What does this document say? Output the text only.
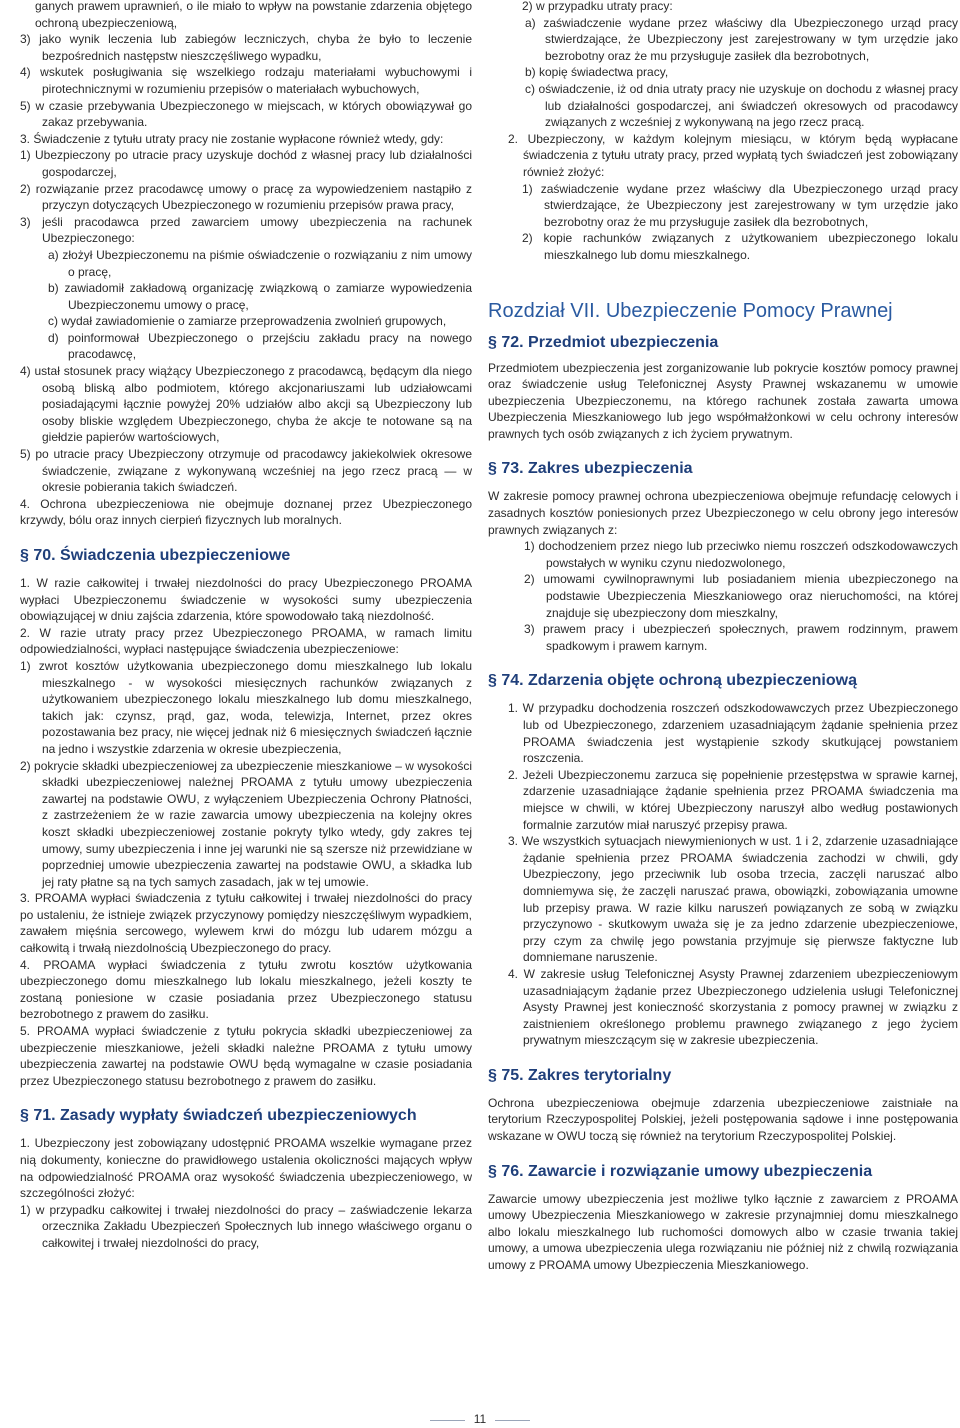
ganych prawem uprawnień, o ile miało to wpływ na powstanie zdarzenia objętego ochroną ubezpieczeniową,

3) jako wynik leczenia lub zabiegów leczniczych, chyba że było to leczenie bezpośrednich następstw nieszczęśliwego wypadku,

4) wskutek posługiwania się wszelkiego rodzaju materiałami wybuchowymi i pirotechnicznymi w rozumieniu przepisów o materiałach wybuchowych,

5) w czasie przebywania Ubezpieczonego w miejscach, w których obowiązywał go zakaz przebywania.

3. Świadczenie z tytułu utraty pracy nie zostanie wypłacone również wtedy, gdy:

1) Ubezpieczony po utracie pracy uzyskuje dochód z własnej pracy lub działalności gospodarczej,

2) rozwiązanie przez pracodawcę umowy o pracę za wypowiedzeniem nastąpiło z przyczyn dotyczących Ubezpieczonego w rozumieniu przepisów prawa pracy,

3) jeśli pracodawca przed zawarciem umowy ubezpieczenia na rachunek Ubezpieczonego:

a) złożył Ubezpieczonemu na piśmie oświadczenie o rozwiązaniu z nim umowy o pracę,

b) zawiadomił zakładową organizację związkową o zamiarze wypowiedzenia Ubezpieczonemu umowy o pracę,

c) wydał zawiadomienie o zamiarze przeprowadzenia zwolnień grupowych,

d) poinformował Ubezpieczonego o przejściu zakładu pracy na nowego pracodawcę,

4) ustał stosunek pracy wiążący Ubezpieczonego z pracodawcą, będącym dla niego osobą bliską albo podmiotem, którego akcjonariuszami lub udziałowcami posiadającymi łącznie powyżej 20% udziałów albo akcji są Ubezpieczony lub osoby bliskie względem Ubezpieczonego, chyba że akcje te notowane są na giełdzie papierów wartościowych,

5) po utracie pracy Ubezpieczony otrzymuje od pracodawcy jakiekolwiek okresowe świadczenie, związane z wykonywaną wcześniej na jego rzecz pracą — w okresie pobierania takich świadczeń.

4. Ochrona ubezpieczeniowa nie obejmuje doznanej przez Ubezpieczonego krzywdy, bólu oraz innych cierpień fizycznych lub moralnych.

§ 70. Świadczenia ubezpieczeniowe

1. W razie całkowitej i trwałej niezdolności do pracy Ubezpieczonego PROAMA wypłaci Ubezpieczonemu świadczenie w wysokości sumy ubezpieczenia obowiązującej w dniu zajścia zdarzenia, które spowodowało taką niezdolność.

2. W razie utraty pracy przez Ubezpieczonego PROAMA, w ramach limitu odpowiedzialności, wypłaci następujące świadczenia ubezpieczeniowe:

1) zwrot kosztów użytkowania ubezpieczonego domu mieszkalnego lub lokalu mieszkalnego - w wysokości miesięcznych rachunków związanych z użytkowaniem ubezpieczonego lokalu mieszkalnego lub domu mieszkalnego, takich jak: czynsz, prąd, gaz, woda, telewizja, Internet, przez okres pozostawania bez pracy, nie więcej jednak niż 6 miesięcznych świadczeń łącznie na jedno i wszystkie zdarzenia w okresie ubezpieczenia,

2) pokrycie składki ubezpieczeniowej za ubezpieczenie mieszkaniowe – w wysokości składki ubezpieczeniowej należnej PROAMA z tytułu umowy ubezpieczenia zawartej na podstawie OWU, z wyłączeniem Ubezpieczenia Ochrony Płatności, z zastrzeżeniem że w razie zawarcia umowy ubezpieczenia na kolejny okres koszt składki ubezpieczeniowej zostanie pokryty tylko wtedy, gdy zakres tej umowy, sumy ubezpieczenia i inne jej warunki nie są szersze niż przewidziane w poprzedniej umowie ubezpieczenia zawartej na podstawie OWU, a składka lub jej raty płatne są na tych samych zasadach, jak w tej umowie.

3. PROAMA wypłaci świadczenia z tytułu całkowitej i trwałej niezdolności do pracy po ustaleniu, że istnieje związek przyczynowy pomiędzy nieszczęśliwym wypadkiem, zawałem mięśnia sercowego, wylewem krwi do mózgu lub udarem mózgu a całkowitą i trwałą niezdolnością Ubezpieczonego do pracy.

4. PROAMA wypłaci świadczenia z tytułu zwrotu kosztów użytkowania ubezpieczonego domu mieszkalnego lub lokalu mieszkalnego, jeżeli koszty te zostaną poniesione w czasie posiadania przez Ubezpieczonego statusu bezrobotnego z prawem do zasiłku.

5. PROAMA wypłaci świadczenie z tytułu pokrycia składki ubezpieczeniowej za ubezpieczenie mieszkaniowe, jeżeli składki należne PROAMA z tytułu umowy ubezpieczenia zawartej na podstawie OWU będą wymagalne w czasie posiadania przez Ubezpieczonego statusu bezrobotnego z prawem do zasiłku.

§ 71. Zasady wypłaty świadczeń ubezpieczeniowych

1. Ubezpieczony jest zobowiązany udostępnić PROAMA wszelkie wymagane przez nią dokumenty, konieczne do prawidłowego ustalenia okoliczności mających wpływ na odpowiedzialność PROAMA oraz wysokość świadczenia ubezpieczeniowego, w szczególności złożyć:

1) w przypadku całkowitej i trwałej niezdolności do pracy – zaświadczenie lekarza orzecznika Zakładu Ubezpieczeń Społecznych lub innego właściwego organu o całkowitej i trwałej niezdolności do pracy,

2) w przypadku utraty pracy:

a) zaświadczenie wydane przez właściwy dla Ubezpieczonego urząd pracy stwierdzające, że Ubezpieczony jest zarejestrowany w tym urzędzie jako bezrobotny oraz że mu przysługuje zasiłek dla bezrobotnych,

b) kopię świadectwa pracy,

c) oświadczenie, iż od dnia utraty pracy nie uzyskuje on dochodu z własnej pracy lub działalności gospodarczej, ani świadczeń okresowych od pracodawcy związanych z wcześniej z wykonywaną na jego rzecz pracą.

2. Ubezpieczony, w każdym kolejnym miesiącu, w którym będą wypłacane świadczenia z tytułu utraty pracy, przed wypłatą tych świadczeń jest zobowiązany również złożyć:

1) zaświadczenie wydane przez właściwy dla Ubezpieczonego urząd pracy stwierdzające, że Ubezpieczony jest zarejestrowany w tym urzędzie jako bezrobotny oraz że mu przysługuje zasiłek dla bezrobotnych,

2) kopie rachunków związanych z użytkowaniem ubezpieczonego lokalu mieszkalnego lub domu mieszkalnego.

Rozdział VII. Ubezpieczenie Pomocy Prawnej
§ 72. Przedmiot ubezpieczenia

Przedmiotem ubezpieczenia jest zorganizowanie lub pokrycie kosztów pomocy prawnej oraz świadczenie usług Telefonicznej Asysty Prawnej wskazanemu w umowie ubezpieczenia Ubezpieczonemu, na którego rachunek została zawarta umowa Ubezpieczenia Mieszkaniowego lub jego współmałżonkowi w celu ochrony interesów prawnych tych osób związanych z ich życiem prywatnym.

§ 73. Zakres ubezpieczenia

W zakresie pomocy prawnej ochrona ubezpieczeniowa obejmuje refundację celowych i zasadnych kosztów poniesionych przez Ubezpieczonego w celu obrony jego interesów prawnych związanych z:

1) dochodzeniem przez niego lub przeciwko niemu roszczeń odszkodowawczych powstałych w wyniku czynu niedozwolonego,

2) umowami cywilnoprawnymi lub posiadaniem mienia ubezpieczonego na podstawie Ubezpieczenia Mieszkaniowego oraz nieruchomości, na której znajduje się ubezpieczony dom mieszkalny,

3) prawem pracy i ubezpieczeń społecznych, prawem rodzinnym, prawem spadkowym i prawem karnym.

§ 74. Zdarzenia objęte ochroną ubezpieczeniową

1. W przypadku dochodzenia roszczeń odszkodowawczych przez Ubezpieczonego lub od Ubezpieczonego, zdarzeniem uzasadniającym żądanie spełnienia przez PROAMA świadczenia jest wystąpienie szkody skutkującej powstaniem roszczenia.

2. Jeżeli Ubezpieczonemu zarzuca się popełnienie przestępstwa w sprawie karnej, zdarzenie uzasadniające żądanie spełnienia przez PROAMA świadczenia ma miejsce w chwili, w której Ubezpieczony naruszył albo według postawionych formalnie zarzutów miał naruszyć przepisy prawa.

3. We wszystkich sytuacjach niewymienionych w ust. 1 i 2, zdarzenie uzasadniające żądanie spełnienia przez PROAMA świadczenia zachodzi w chwili, gdy Ubezpieczony, jego przeciwnik lub osoba trzecia, zaczęli naruszać albo domniemywa się, że zaczęli naruszać prawa, obowiązki, zobowiązania umowne lub przepisy prawa. W razie kilku naruszeń powiązanych ze sobą w związku przyczynowo - skutkowym uważa się je za jedno zdarzenie ubezpieczeniowe, przy czym za chwilę jego powstania przyjmuje się pierwsze faktyczne lub domniemane naruszenie.

4. W zakresie usług Telefonicznej Asysty Prawnej zdarzeniem ubezpieczeniowym uzasadniającym żądanie przez Ubezpieczonego udzielenia usługi Telefonicznej Asysty Prawnej jest konieczność skorzystania z pomocy prawnej w związku z zaistnieniem określonego problemu prawnego związanego z jego życiem prywatnym mieszczącym się w zakresie ubezpieczenia.

§ 75. Zakres terytorialny

Ochrona ubezpieczeniowa obejmuje zdarzenia ubezpieczeniowe zaistniałe na terytorium Rzeczypospolitej Polskiej, jeżeli postępowania sądowe i inne postępowania wskazane w OWU toczą się również na terytorium Rzeczypospolitej Polskiej.

§ 76. Zawarcie i rozwiązanie umowy ubezpieczenia

Zawarcie umowy ubezpieczenia jest możliwe tylko łącznie z zawarciem z PROAMA umowy Ubezpieczenia Mieszkaniowego w zakresie przynajmniej domu mieszkalnego albo lokalu mieszkalnego lub ruchomości domowych albo w czasie trwania takiej umowy, a umowa ubezpieczenia ulega rozwiązaniu nie później niż z chwilą rozwiązania umowy z PROAMA umowy Ubezpieczenia Mieszkaniowego.

11
